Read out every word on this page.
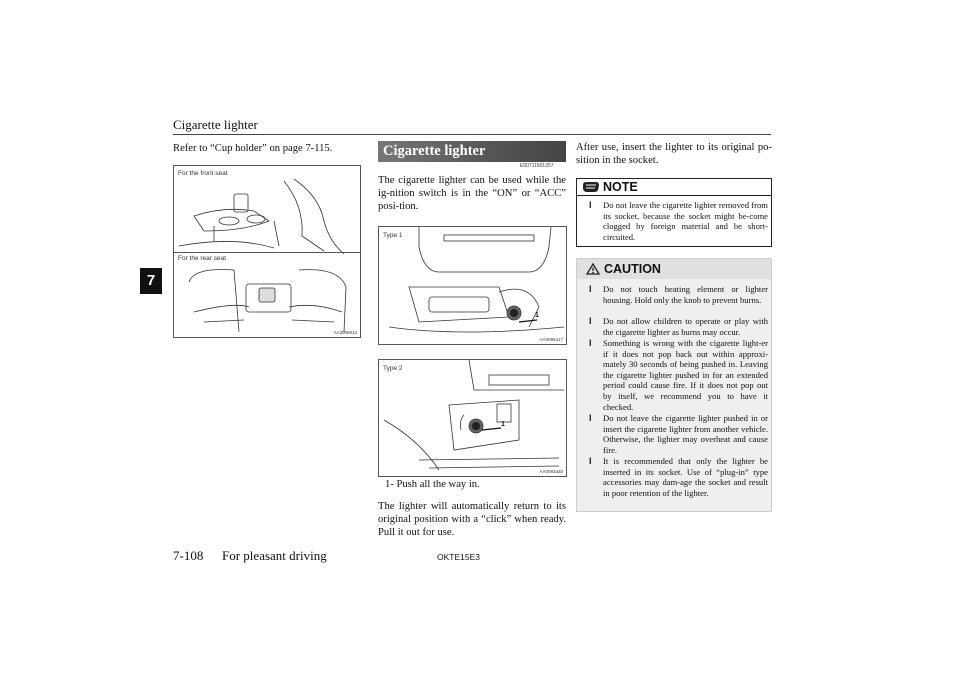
Cigarette lighter
7
Refer to “Cup holder” on page 7-115.
For the front seat
For the rear seat
AA3006913
Cigarette lighter
E00711501257
The cigarette lighter can be used while the ig-nition switch is in the “ON” or “ACC” posi-tion.
Type 1
1
AA0095417
Type 2
1
AA0093420
1- Push all the way in.
The lighter will automatically return to its original position with a “click” when ready. Pull it out for use.
After use, insert the lighter to its original po-sition in the socket.
NOTE
l Do not leave the cigarette lighter removed from its socket, because the socket might be-come clogged by foreign material and be short-circuited.
CAUTION
l Do not touch heating element or lighter housing. Hold only the knob to prevent burns.
l Do not allow children to operate or play with the cigarette lighter as burns may occur.
l Something is wrong with the cigarette light-er if it does not pop back out within approxi-mately 30 seconds of being pushed in. Leaving the cigarette lighter pushed in for an extended period could cause fire. If it does not pop out by itself, we recommend you to have it checked.
l Do not leave the cigarette lighter pushed in or insert the cigarette lighter from another vehicle. Otherwise, the lighter may overheat and cause fire.
l It is recommended that only the lighter be inserted in its socket. Use of “plug-in” type accessories may dam-age the socket and result in poor retention of the lighter.
7-108 For pleasant driving	OKTE15E3
